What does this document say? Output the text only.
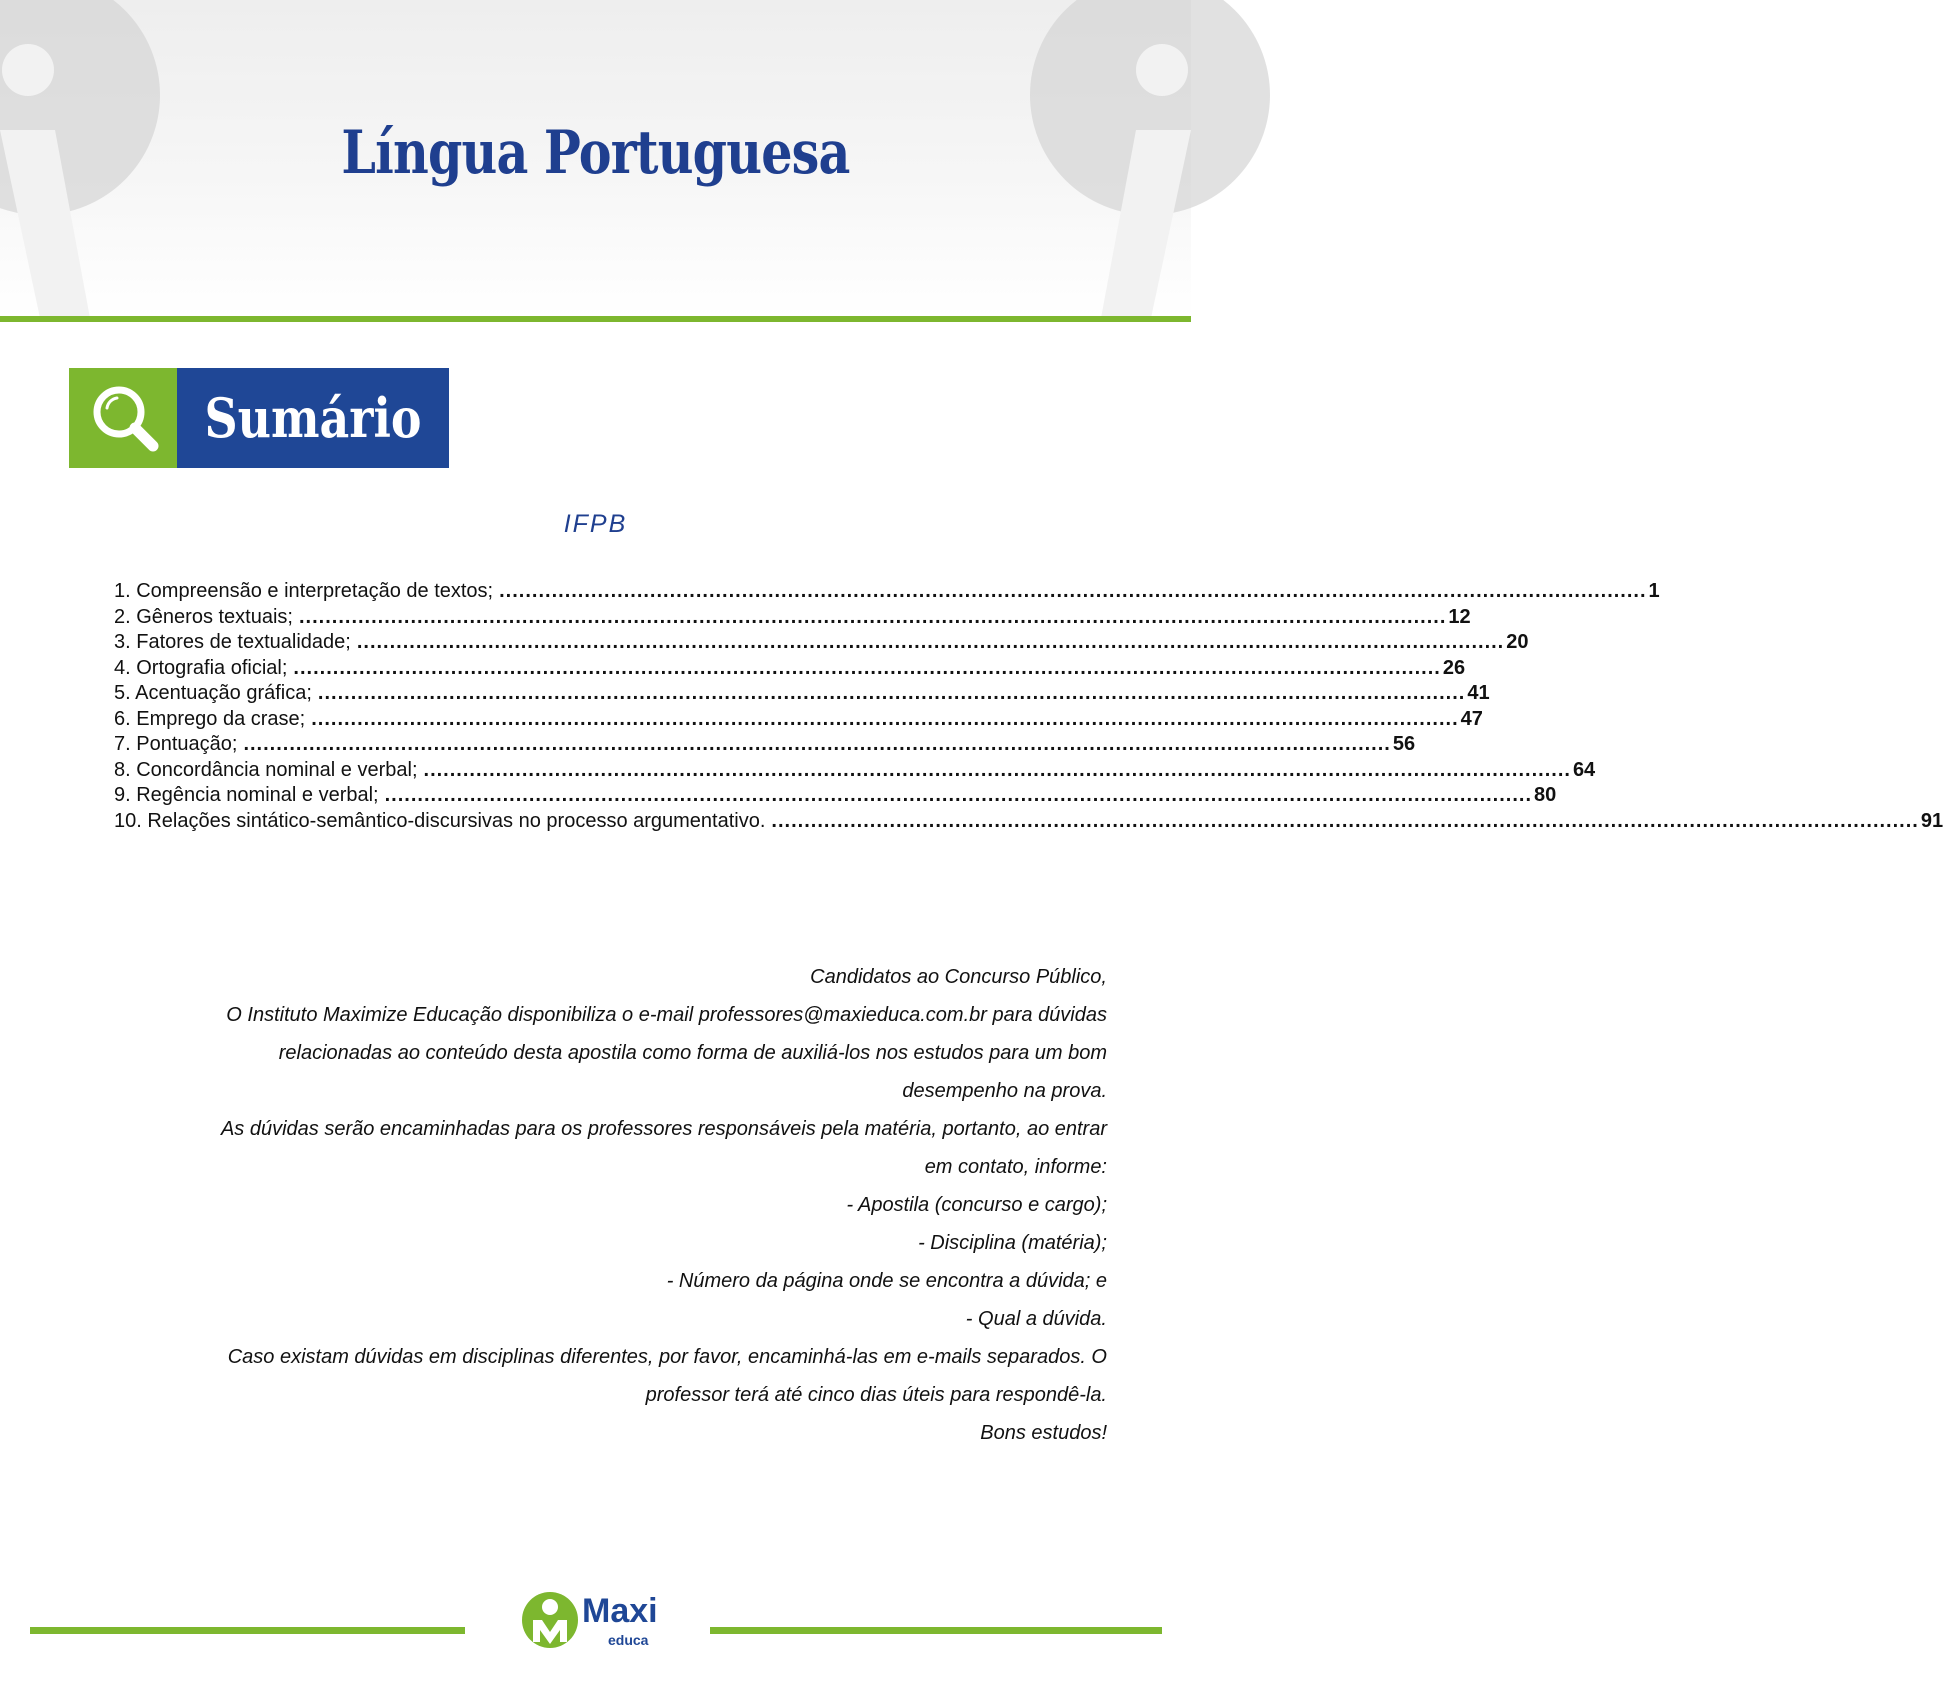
Língua Portuguesa
Sumário
IFPB
1. Compreensão e interpretação de textos; ............................................................................................................................................................................... 1
2. Gêneros textuais; ............................................................................................................................................................................... 12
3. Fatores de textualidade; ............................................................................................................................................................................... 20
4. Ortografia oficial; ............................................................................................................................................................................... 26
5. Acentuação gráfica; ............................................................................................................................................................................... 41
6. Emprego da crase; ............................................................................................................................................................................... 47
7. Pontuação; ............................................................................................................................................................................... 56
8. Concordância nominal e verbal; ............................................................................................................................................................................... 64
9. Regência nominal e verbal; ............................................................................................................................................................................... 80
10. Relações sintático-semântico-discursivas no processo argumentativo. ............................................................................................................................................................................... 91

Candidatos ao Concurso Público,

O Instituto Maximize Educação disponibiliza o e-mail professores@maxieduca.com.br para dúvidas

relacionadas ao conteúdo desta apostila como forma de auxiliá-los nos estudos para um bom

desempenho na prova.

As dúvidas serão encaminhadas para os professores responsáveis pela matéria, portanto, ao entrar

em contato, informe:

- Apostila (concurso e cargo);

- Disciplina (matéria);

- Número da página onde se encontra a dúvida; e

- Qual a dúvida.

Caso existam dúvidas em disciplinas diferentes, por favor, encaminhá-las em e-mails separados. O

professor terá até cinco dias úteis para respondê-la.

Bons estudos!

Maxi
educa
